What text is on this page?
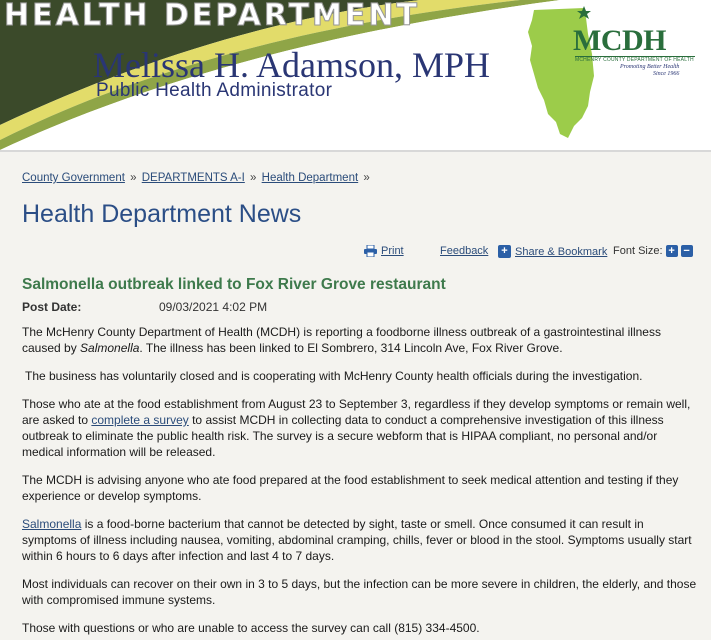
HEALTH DEPARTMENT
Melissa H. Adamson, MPH
Public Health Administrator
MCDH
MCHENRY COUNTY DEPARTMENT OF HEALTH
Promoting Better Health
Since 1966
County Government » DEPARTMENTS A-I » Health Department »
Health Department News
Print	Feedback + Share & Bookmark Font Size: + −
Salmonella outbreak linked to Fox River Grove restaurant
Post Date:	09/03/2021 4:02 PM

The McHenry County Department of Health (MCDH) is reporting a foodborne illness outbreak of a gastrointestinal illness caused by Salmonella. The illness has been linked to El Sombrero, 314 Lincoln Ave, Fox River Grove.

The business has voluntarily closed and is cooperating with McHenry County health officials during the investigation.

Those who ate at the food establishment from August 23 to September 3, regardless if they develop symptoms or remain well, are asked to complete a survey to assist MCDH in collecting data to conduct a comprehensive investigation of this illness outbreak to eliminate the public health risk. The survey is a secure webform that is HIPAA compliant, no personal and/or medical information will be released.

The MCDH is advising anyone who ate food prepared at the food establishment to seek medical attention and testing if they experience or develop symptoms.

Salmonella is a food-borne bacterium that cannot be detected by sight, taste or smell. Once consumed it can result in symptoms of illness including nausea, vomiting, abdominal cramping, chills, fever or blood in the stool. Symptoms usually start within 6 hours to 6 days after infection and last 4 to 7 days.

Most individuals can recover on their own in 3 to 5 days, but the infection can be more severe in children, the elderly, and those with compromised immune systems.

Those with questions or who are unable to access the survey can call (815) 334-4500.
